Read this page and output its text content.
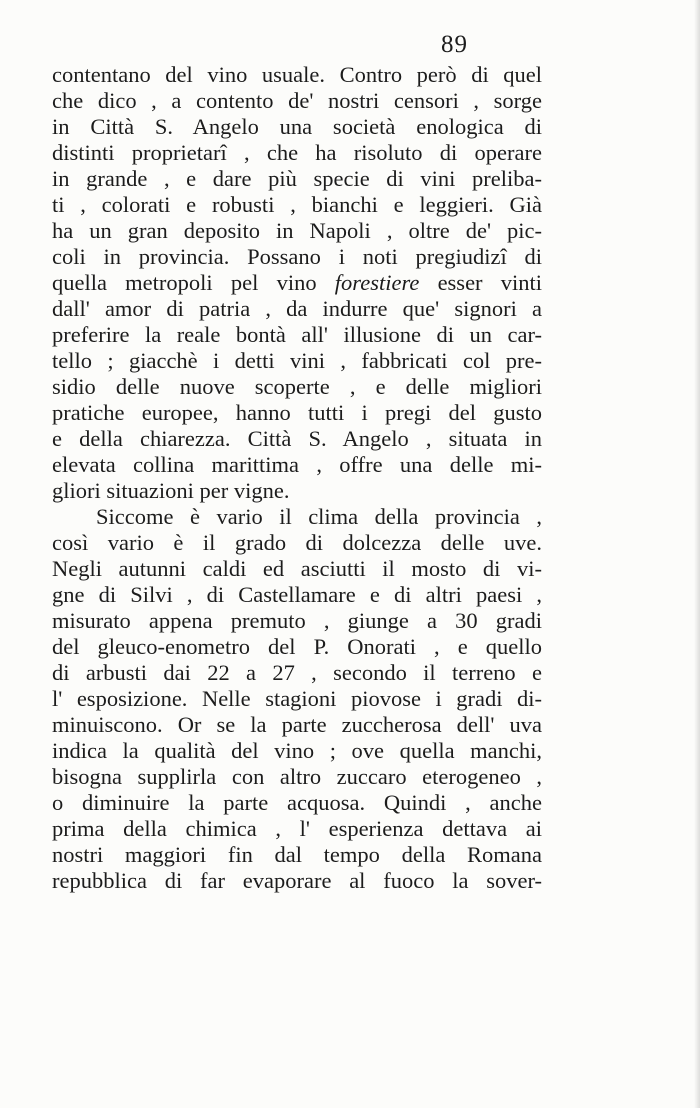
89
contentano del vino usuale. Contro però di quel
che dico , a contento de' nostri censori , sorge
in Città S. Angelo una società enologica di
distinti proprietarî , che ha risoluto di operare
in grande , e dare più specie di vini preliba-
ti , colorati e robusti , bianchi e leggieri. Già
ha un gran deposito in Napoli , oltre de' pic-
coli in provincia. Possano i noti pregiudizî di
quella metropoli pel vino forestiere esser vinti
dall' amor di patria , da indurre que' signori a
preferire la reale bontà all' illusione di un car-
tello ; giacchè i detti vini , fabbricati col pre-
sidio delle nuove scoperte , e delle migliori
pratiche europee, hanno tutti i pregi del gusto
e della chiarezza. Città S. Angelo , situata in
elevata collina marittima , offre una delle mi-
gliori situazioni per vigne.
Siccome è vario il clima della provincia ,
così vario è il grado di dolcezza delle uve.
Negli autunni caldi ed asciutti il mosto di vi-
gne di Silvi , di Castellamare e di altri paesi ,
misurato appena premuto , giunge a 30 gradi
del gleuco-enometro del P. Onorati , e quello
di arbusti dai 22 a 27 , secondo il terreno e
l' esposizione. Nelle stagioni piovose i gradi di-
minuiscono. Or se la parte zuccherosa dell' uva
indica la qualità del vino ; ove quella manchi,
bisogna supplirla con altro zuccaro eterogeneo ,
o diminuire la parte acquosa. Quindi , anche
prima della chimica , l' esperienza dettava ai
nostri maggiori fin dal tempo della Romana
repubblica di far evaporare al fuoco la sover-
